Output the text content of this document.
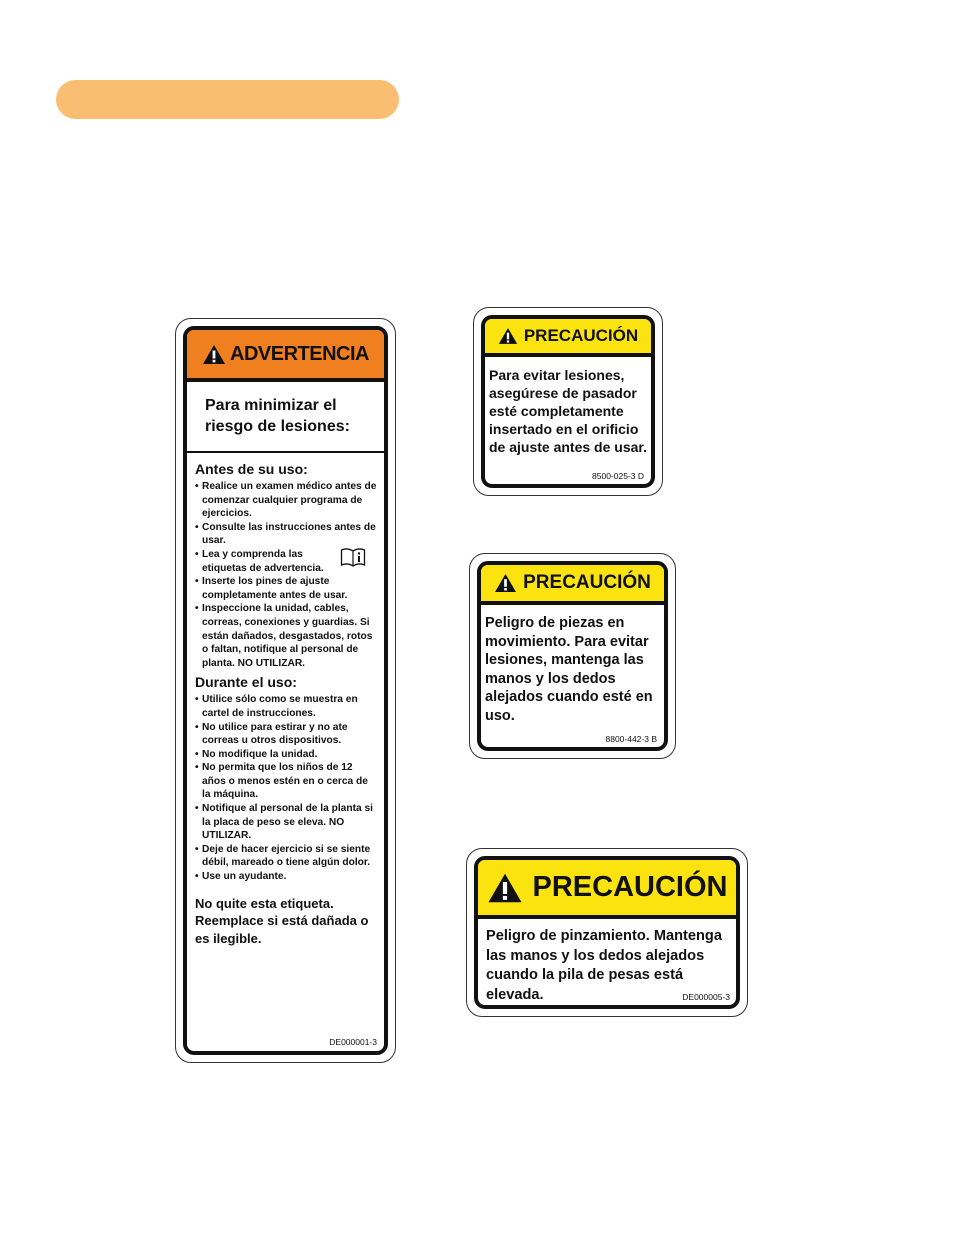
ADVERTENCIA
Para minimizar el riesgo de lesiones:
Antes de su uso:
• Realice un examen médico antes de comenzar cualquier programa de ejercicios.
• Consulte las instrucciones antes de usar.
• Lea y comprenda las etiquetas de advertencia.
• Inserte los pines de ajuste completamente antes de usar.
• Inspeccione la unidad, cables, correas, conexiones y guardias. Si están dañados, desgastados, rotos o faltan, notifique al personal de planta. NO UTILIZAR.
Durante el uso:
• Utilice sólo como se muestra en cartel de instrucciones.
• No utilice para estirar y no ate correas u otros dispositivos.
• No modifique la unidad.
• No permita que los niños de 12 años o menos estén en o cerca de la máquina.
• Notifique al personal de la planta si la placa de peso se eleva. NO UTILIZAR.
• Deje de hacer ejercicio si se siente débil, mareado o tiene algún dolor.
• Use un ayudante.
No quite esta etiqueta. Reemplace si está dañada o es ilegible.
DE000001-3
PRECAUCIÓN
Para evitar lesiones, asegúrese de pasador esté completamente insertado en el orificio de ajuste antes de usar.
8500-025-3 D
PRECAUCIÓN
Peligro de piezas en movimiento. Para evitar lesiones, mantenga las manos y los dedos alejados cuando esté en uso.
8800-442-3 B
PRECAUCIÓN
Peligro de pinzamiento. Mantenga las manos y los dedos alejados cuando la pila de pesas está elevada.	DE000005-3
